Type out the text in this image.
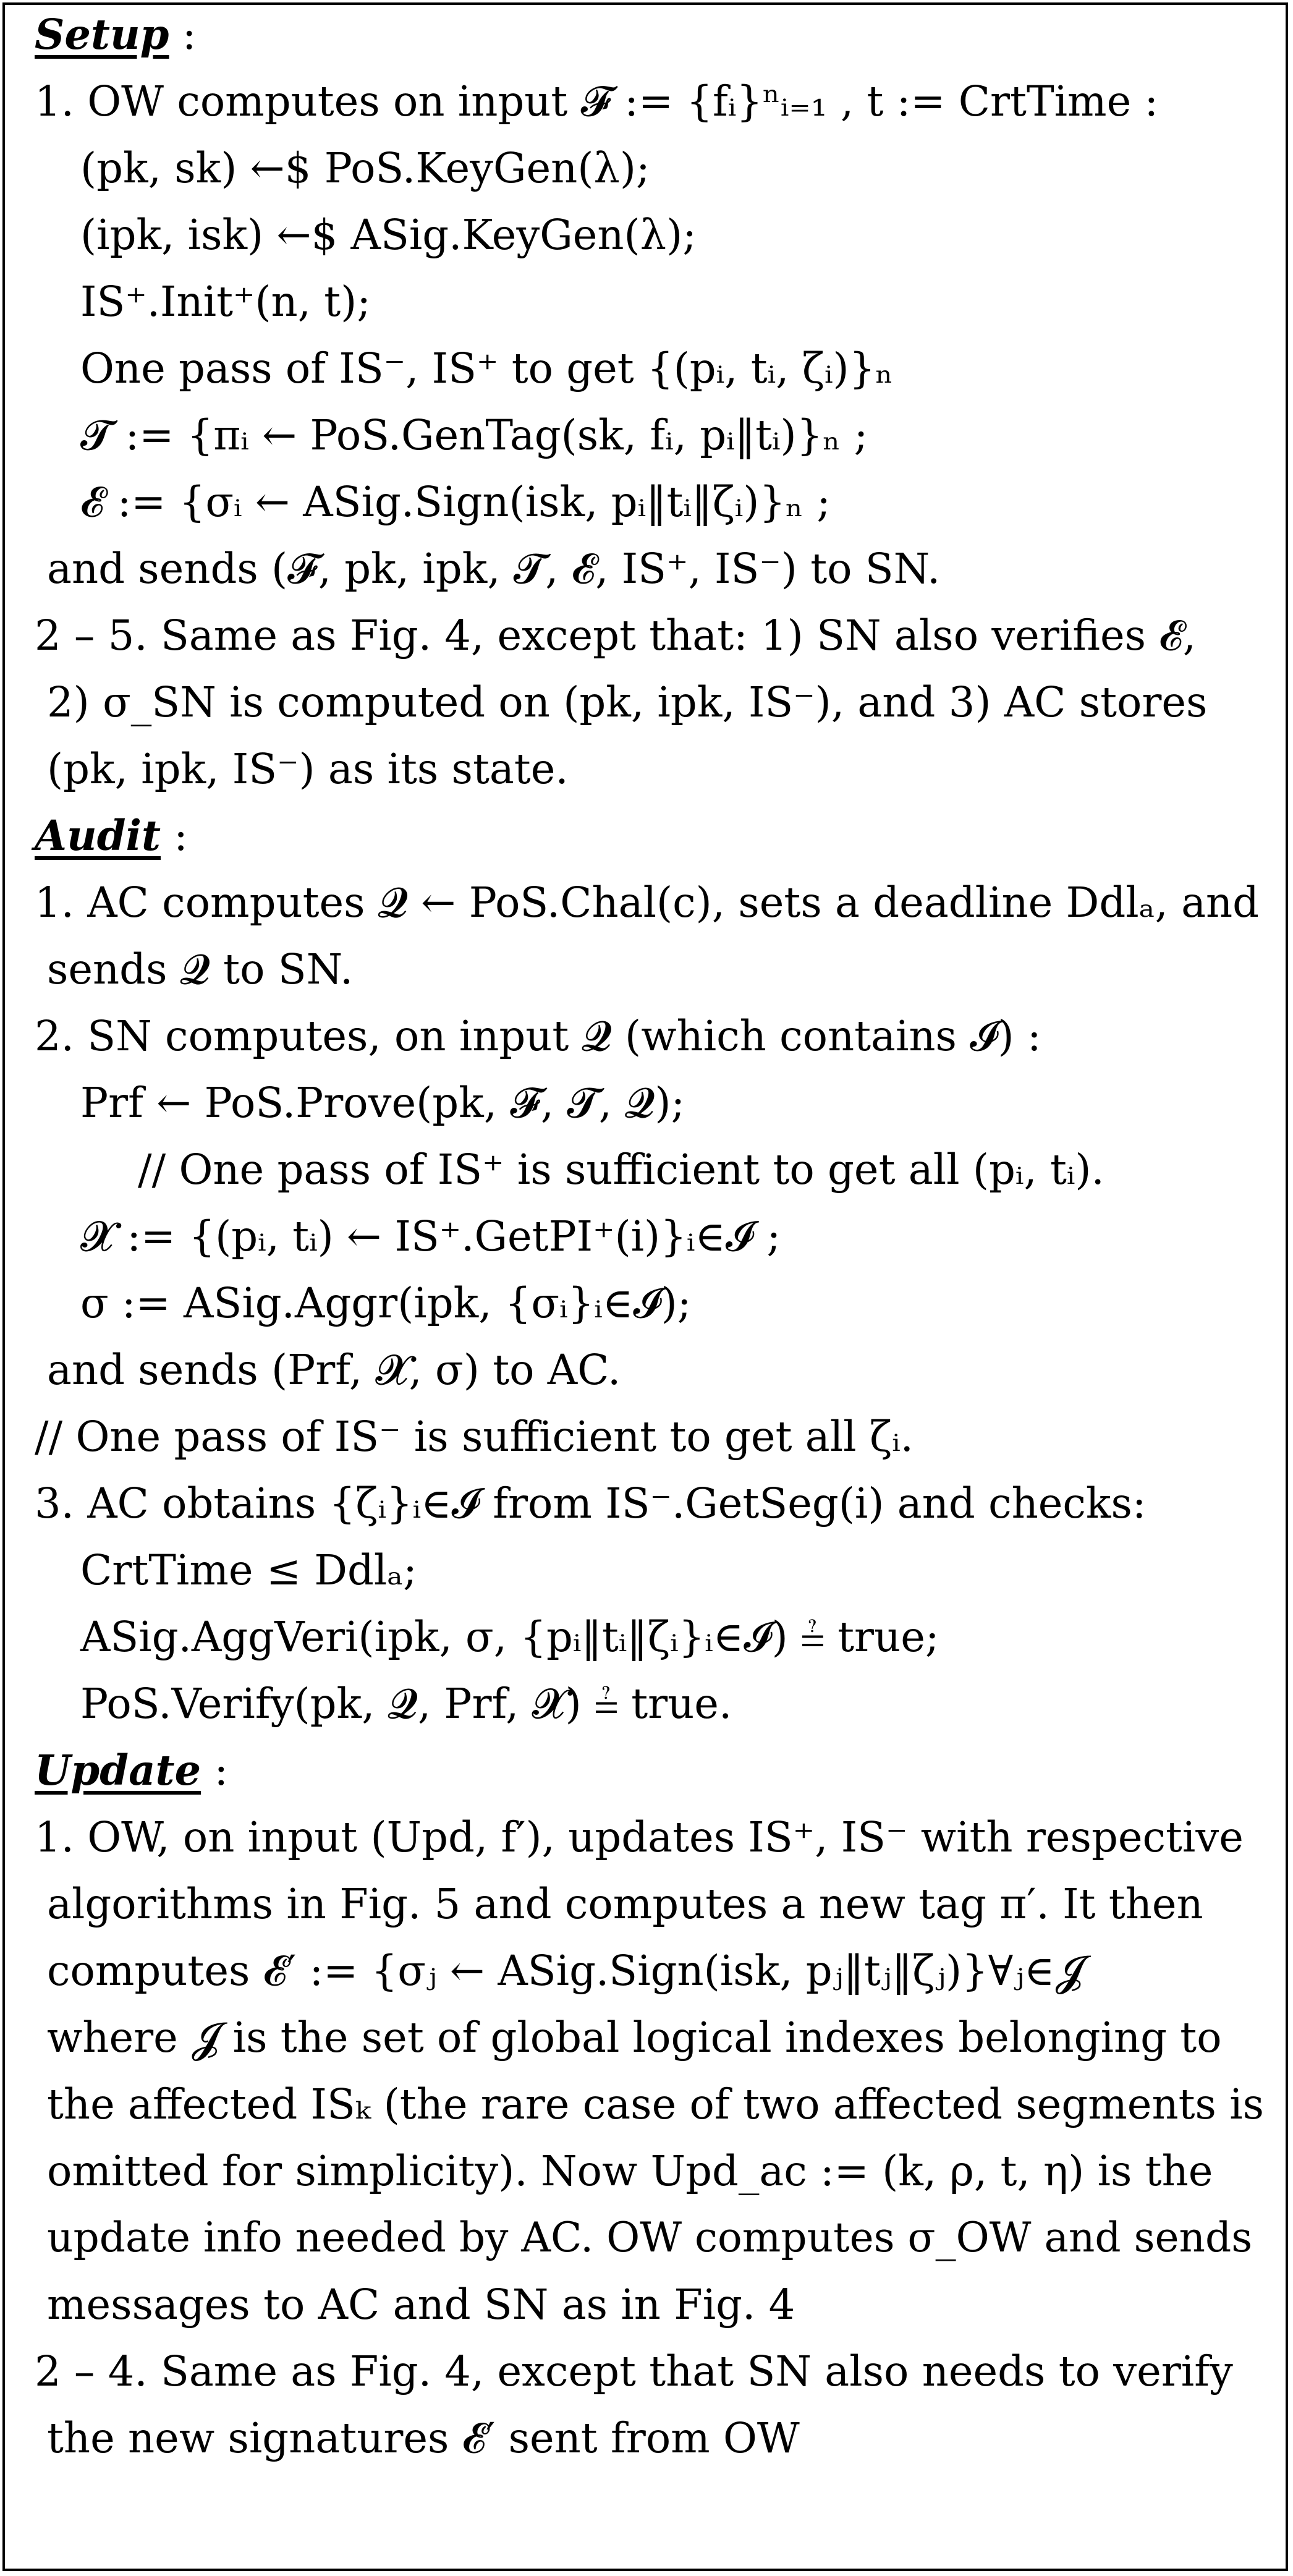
Setup :
1. OW computes on input 𝓕 := {fᵢ}ⁿᵢ₌₁ , t := CrtTime :
(pk, sk) ←$ PoS.KeyGen(λ);
(ipk, isk) ←$ ASig.KeyGen(λ);
IS⁺.Init⁺(n, t);
One pass of IS⁻, IS⁺ to get {(pᵢ, tᵢ, ζᵢ)}ₙ
𝓣 := {πᵢ ← PoS.GenTag(sk, fᵢ, pᵢ‖tᵢ)}ₙ ;
𝓔 := {σᵢ ← ASig.Sign(isk, pᵢ‖tᵢ‖ζᵢ)}ₙ ;
and sends (𝓕, pk, ipk, 𝓣, 𝓔, IS⁺, IS⁻) to SN.
2 – 5. Same as Fig. 4, except that: 1) SN also verifies 𝓔,
2) σ_SN is computed on (pk, ipk, IS⁻), and 3) AC stores
(pk, ipk, IS⁻) as its state.
Audit :
1. AC computes 𝓠 ← PoS.Chal(c), sets a deadline Ddlₐ, and
sends 𝓠 to SN.
2. SN computes, on input 𝓠 (which contains 𝓘) :
Prf ← PoS.Prove(pk, 𝓕, 𝓣, 𝓠);
// One pass of IS⁺ is sufficient to get all (pᵢ, tᵢ).
𝓧 := {(pᵢ, tᵢ) ← IS⁺.GetPI⁺(i)}ᵢ∈𝓘 ;
σ := ASig.Aggr(ipk, {σᵢ}ᵢ∈𝓘);
and sends (Prf, 𝓧, σ) to AC.
// One pass of IS⁻ is sufficient to get all ζᵢ.
3. AC obtains {ζᵢ}ᵢ∈𝓘 from IS⁻.GetSeg(i) and checks:
CrtTime ≤ Ddlₐ;
ASig.AggVeri(ipk, σ, {pᵢ‖tᵢ‖ζᵢ}ᵢ∈𝓘) ≟ true;
PoS.Verify(pk, 𝓠, Prf, 𝓧) ≟ true.
Update :
1. OW, on input (Upd, f′), updates IS⁺, IS⁻ with respective
algorithms in Fig. 5 and computes a new tag π′. It then
computes 𝓔′ := {σⱼ ← ASig.Sign(isk, pⱼ‖tⱼ‖ζⱼ)}∀ⱼ∈𝓙
where 𝓙 is the set of global logical indexes belonging to
the affected ISₖ (the rare case of two affected segments is
omitted for simplicity). Now Upd_ac := (k, ρ, t, η) is the
update info needed by AC. OW computes σ_OW and sends
messages to AC and SN as in Fig. 4
2 – 4. Same as Fig. 4, except that SN also needs to verify
the new signatures 𝓔′ sent from OW
